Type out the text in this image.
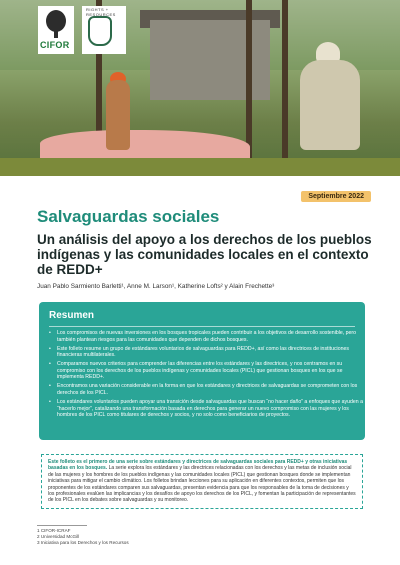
CIFOR
RIGHTS + RESOURCES
Septiembre 2022
Salvaguardas sociales

Un análisis del apoyo a los derechos de los pueblos indígenas y las comunidades locales en el contexto de REDD+

Juan Pablo Sarmiento Barletti¹, Anne M. Larson¹, Katherine Lofts² y Alain Frechette³
Resumen
• Los compromisos de nuevas inversiones en los bosques tropicales pueden contribuir a los objetivos de desarrollo sostenible, pero también plantean riesgos para las comunidades que dependen de dichos bosques.
• Este folleto resume un grupo de estándares voluntarios de salvaguardas para REDD+, así como las directrices de instituciones financieras multilaterales.
• Comparamos nuevos criterios para comprender las diferencias entre los estándares y las directrices, y nos centramos en su compromiso con los derechos de los pueblos indígenas y comunidades locales (PICL) que gestionan bosques en los que se implementa REDD+.
• Encontramos una variación considerable en la forma en que los estándares y directrices de salvaguardas se comprometen con los derechos de los PICL.
• Los estándares voluntarios pueden apoyar una transición desde salvaguardas que buscan “no hacer daño” a enfoques que ayuden a “hacerlo mejor”, catalizando una transformación basada en derechos para generar un nuevo compromiso con las mujeres y los hombres de los PICL como titulares de derechos y socios, y no solo como beneficiarios de proyectos.
Este folleto es el primero de una serie sobre estándares y directrices de salvaguardas sociales para REDD+ y otras iniciativas basadas en los bosques. La serie explora los estándares y las directrices relacionadas con los derechos y las metas de inclusión social de las mujeres y los hombres de los pueblos indígenas y las comunidades locales (PICL) que gestionan bosques donde se implementan iniciativas para mitigar el cambio climático. Los folletos brindan lecciones para su aplicación en diferentes contextos, permiten que los proponentes de los estándares comparen sus salvaguardas, presentan evidencia para que los responsables de la toma de decisiones y los profesionales evalúen las implicancias y los desafíos de apoyo los derechos de los PICL, y fomentan la participación de representantes de los PICL en los debates sobre salvaguardas y su monitoreo.
1 CIFOR-ICRAF
2 Universidad McGill
3 Iniciativa para los Derechos y los Recursos
